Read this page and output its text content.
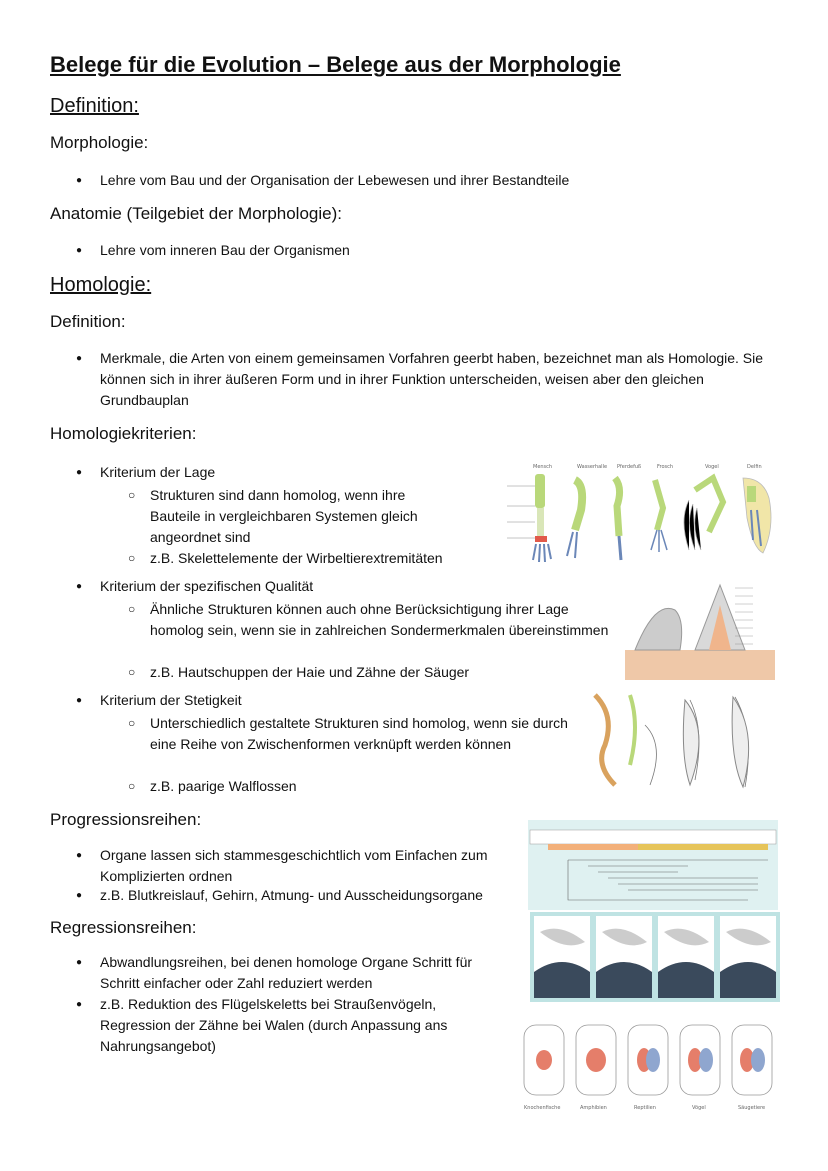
Belege für die Evolution – Belege aus der Morphologie
Definition:
Morphologie:
● Lehre vom Bau und der Organisation der Lebewesen und ihrer Bestandteile
Anatomie (Teilgebiet der Morphologie):
● Lehre vom inneren Bau der Organismen
Homologie:
Definition:
● Merkmale, die Arten von einem gemeinsamen Vorfahren geerbt haben, bezeichnet man als Homologie. Sie können sich in ihrer äußeren Form und in ihrer Funktion unterscheiden, weisen aber den gleichen Grundbauplan
Homologiekriterien:
● Kriterium der Lage
○ Strukturen sind dann homolog, wenn ihre Bauteile in vergleichbaren Systemen gleich angeordnet sind
○ z.B. Skelettelemente der Wirbeltierextremitäten
● Kriterium der spezifischen Qualität
○ Ähnliche Strukturen können auch ohne Berücksichtigung ihrer Lage homolog sein, wenn sie in zahlreichen Sondermerkmalen übereinstimmen
○ z.B. Hautschuppen der Haie und Zähne der Säuger
● Kriterium der Stetigkeit
○ Unterschiedlich gestaltete Strukturen sind homolog, wenn sie durch eine Reihe von Zwischenformen verknüpft werden können
○ z.B. paarige Walflossen
Progressionsreihen:
● Organe lassen sich stammesgeschichtlich vom Einfachen zum Komplizierten ordnen
● z.B. Blutkreislauf, Gehirn, Atmung- und Ausscheidungsorgane
Regressionsreihen:
● Abwandlungsreihen, bei denen homologe Organe Schritt für Schritt einfacher oder Zahl reduziert werden
● z.B. Reduktion des Flügelskeletts bei Straußenvögeln, Regression der Zähne bei Walen (durch Anpassung ans Nahrungsangebot)
Mensch	Wasserhalle Pferdefuß	Frosch	Vogel	Delfin
Knochenfische	Amphibien	Reptilien	Vögel	Säugetiere
